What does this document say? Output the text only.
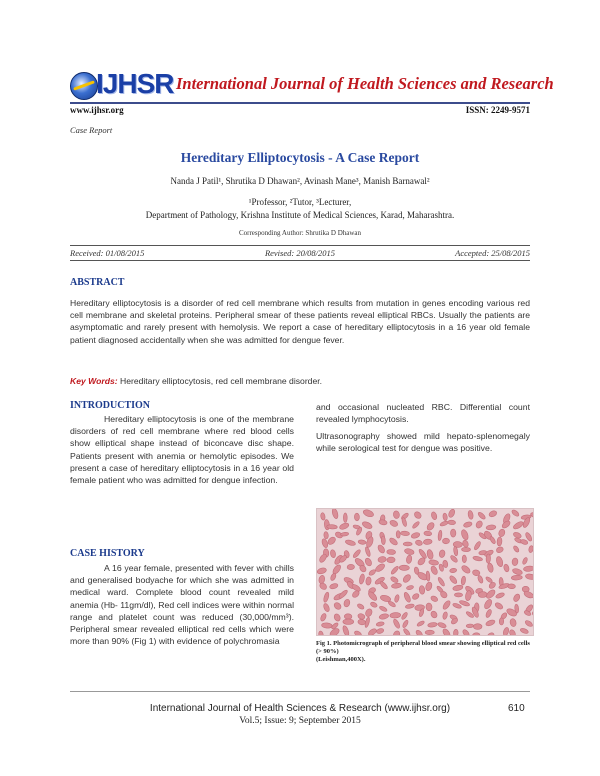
IJHSR International Journal of Health Sciences and Research
www.ijhsr.org	ISSN: 2249-9571
Case Report
Hereditary Elliptocytosis - A Case Report
Nanda J Patil¹, Shrutika D Dhawan², Avinash Mane³, Manish Barnawal²
¹Professor, ²Tutor, ³Lecturer,
Department of Pathology, Krishna Institute of Medical Sciences, Karad, Maharashtra.
Corresponding Author: Shrutika D Dhawan
Received: 01/08/2015	Revised: 20/08/2015	Accepted: 25/08/2015
ABSTRACT
Hereditary elliptocytosis is a disorder of red cell membrane which results from mutation in genes encoding various red cell membrane and skeletal proteins. Peripheral smear of these patients reveal elliptical RBCs. Usually the patients are asymptomatic and rarely present with hemolysis. We report a case of hereditary elliptocytosis in a 16 year old female patient diagnosed accidentally when she was admitted for dengue fever.
Key Words: Hereditary elliptocytosis, red cell membrane disorder.
INTRODUCTION
Hereditary elliptocytosis is one of the membrane disorders of red cell membrane where red blood cells show elliptical shape instead of biconcave disc shape. Patients present with anemia or hemolytic episodes. We present a case of hereditary elliptocytosis in a 16 year old female patient who was admitted for dengue infection.
CASE HISTORY
A 16 year female, presented with fever with chills and generalised bodyache for which she was admitted in medical ward. Complete blood count revealed mild anemia (Hb- 11gm/dl), Red cell indices were within normal range and platelet count was reduced (30,000/mm³). Peripheral smear revealed elliptical red cells which were more than 90% (Fig 1) with evidence of polychromasia
and occasional nucleated RBC. Differential count revealed lymphocytosis.
Ultrasonography showed mild hepato-splenomegaly while serological test for dengue was positive.
Fig 1. Photomicrograph of peripheral blood smear showing elliptical red cells (> 90%)
(Leishman,400X).
International Journal of Health Sciences & Research (www.ijhsr.org)	610
Vol.5; Issue: 9; September 2015
